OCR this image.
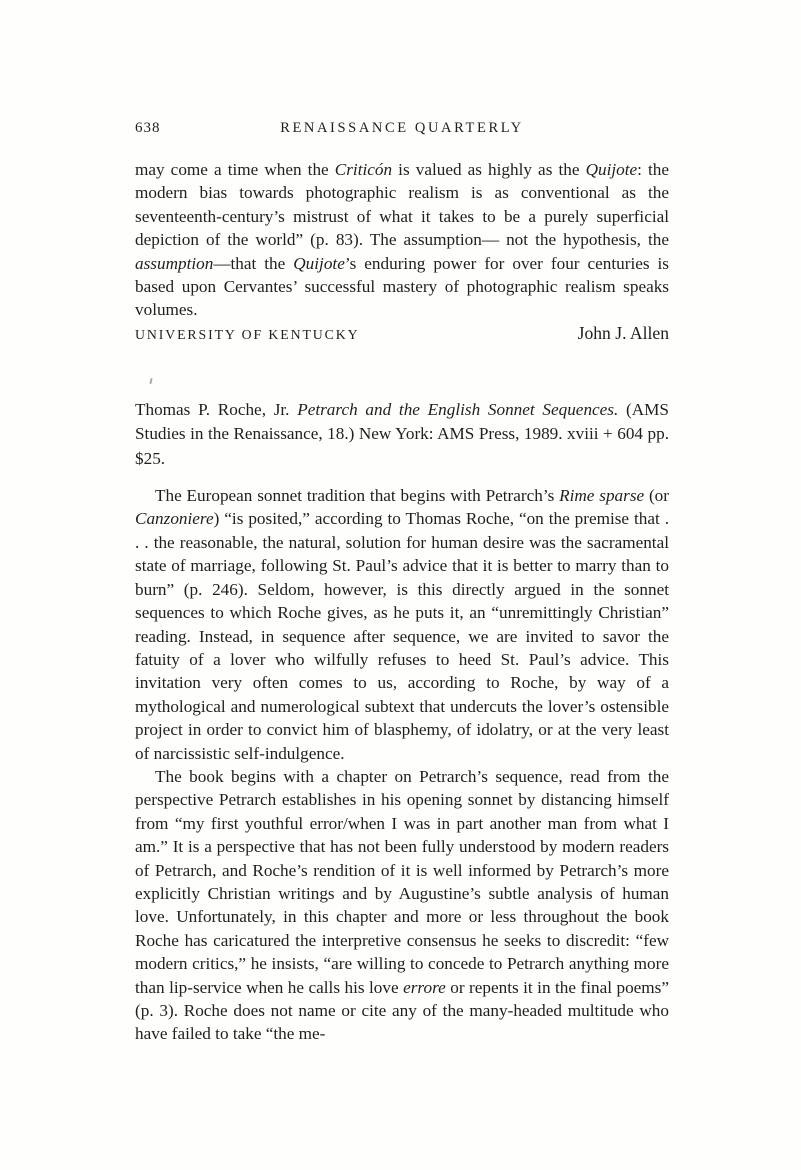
638	RENAISSANCE QUARTERLY

may come a time when the Criticón is valued as highly as the Quijote: the modern bias towards photographic realism is as conventional as the seventeenth-century’s mistrust of what it takes to be a purely superficial depiction of the world” (p. 83). The assumption— not the hypothesis, the assumption—that the Quijote’s enduring power for over four centuries is based upon Cervantes’ successful mastery of photographic realism speaks volumes.

UNIVERSITY OF KENTUCKY	John J. Allen

Thomas P. Roche, Jr. Petrarch and the English Sonnet Sequences. (AMS Studies in the Renaissance, 18.) New York: AMS Press, 1989. xviii + 604 pp. $25.

The European sonnet tradition that begins with Petrarch’s Rime sparse (or Canzoniere) “is posited,” according to Thomas Roche, “on the premise that . . . the reasonable, the natural, solution for human desire was the sacramental state of marriage, following St. Paul’s advice that it is better to marry than to burn” (p. 246). Seldom, however, is this directly argued in the sonnet sequences to which Roche gives, as he puts it, an “unremittingly Christian” reading. Instead, in sequence after sequence, we are invited to savor the fatuity of a lover who wilfully refuses to heed St. Paul’s advice. This invitation very often comes to us, according to Roche, by way of a mythological and numerological subtext that undercuts the lover’s ostensible project in order to convict him of blasphemy, of idolatry, or at the very least of narcissistic self-indulgence.

The book begins with a chapter on Petrarch’s sequence, read from the perspective Petrarch establishes in his opening sonnet by distancing himself from “my first youthful error/when I was in part another man from what I am.” It is a perspective that has not been fully understood by modern readers of Petrarch, and Roche’s rendition of it is well informed by Petrarch’s more explicitly Christian writings and by Augustine’s subtle analysis of human love. Unfortunately, in this chapter and more or less throughout the book Roche has caricatured the interpretive consensus he seeks to discredit: “few modern critics,” he insists, “are willing to concede to Petrarch anything more than lip-service when he calls his love errore or repents it in the final poems” (p. 3). Roche does not name or cite any of the many-headed multitude who have failed to take “the me-
